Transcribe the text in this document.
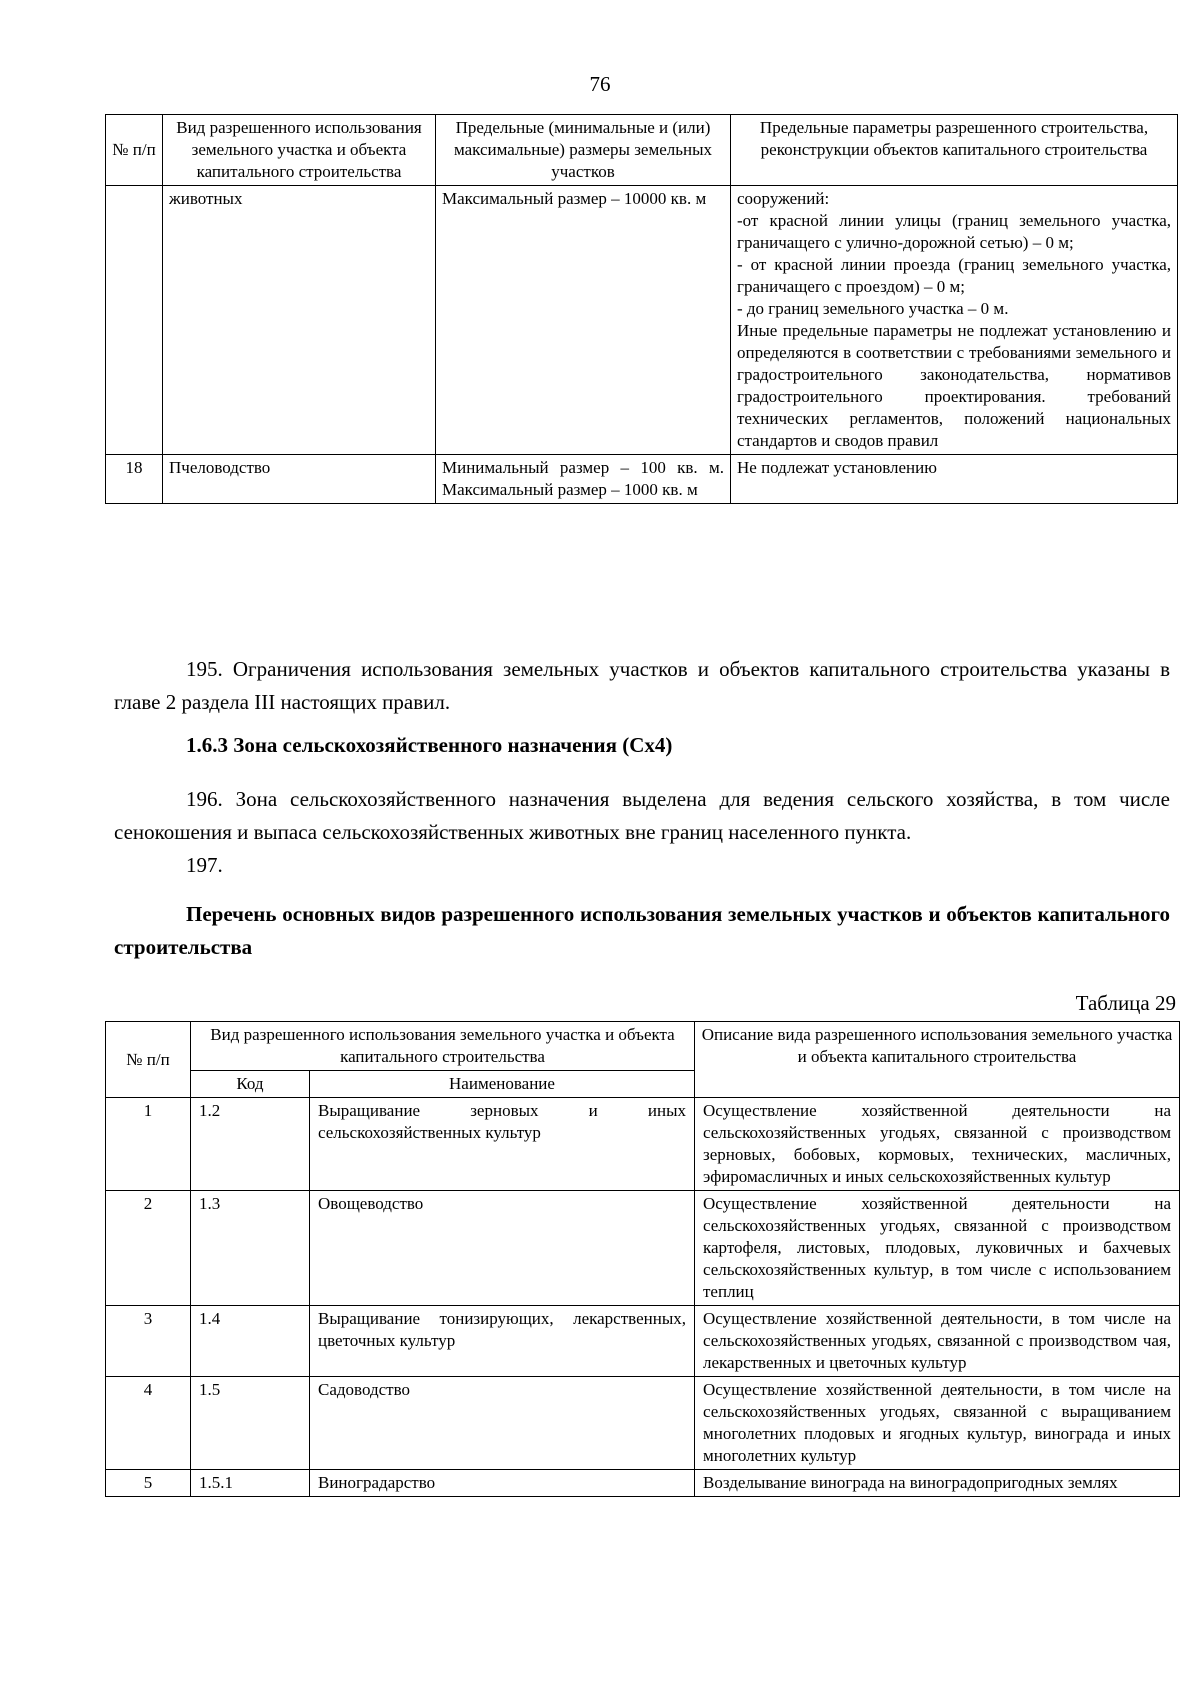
76
№ п/п	Вид разрешенного использования земельного участка и объекта капитального строительства	Предельные (минимальные и (или) максимальные) размеры земельных участков	Предельные параметры разрешенного строительства, реконструкции объектов капитального строительства
	животных	Максимальный размер – 10000 кв. м	сооружений:
-от красной линии улицы (границ земельного участка, граничащего с улично-дорожной сетью) – 0 м;
- от красной линии проезда (границ земельного участка, граничащего с проездом) – 0 м;
- до границ земельного участка – 0 м.
Иные предельные параметры не подлежат установлению и определяются в соответствии с требованиями земельного и градостроительного законодательства, нормативов градостроительного проектирования. требований технических регламентов, положений национальных стандартов и сводов правил
18	Пчеловодство	Минимальный размер – 100 кв. м. Максимальный размер – 1000 кв. м	Не подлежат установлению
195. Ограничения использования земельных участков и объектов капитального строительства указаны в главе 2 раздела III настоящих правил.
1.6.3 Зона сельскохозяйственного назначения (Сх4)
196. Зона сельскохозяйственного назначения выделена для ведения сельского хозяйства, в том числе сенокошения и выпаса сельскохозяйственных животных вне границ населенного пункта.
197.
Перечень основных видов разрешенного использования земельных участков и объектов капитального строительства
Таблица 29
№ п/п	Вид разрешенного использования земельного участка и объекта капитального строительства		Описание вида разрешенного использования земельного участка и объекта капитального строительства
	Код	Наименование	
1	1.2	Выращивание зерновых и иных сельскохозяйственных культур	Осуществление хозяйственной деятельности на сельскохозяйственных угодьях, связанной с производством зерновых, бобовых, кормовых, технических, масличных, эфиромасличных и иных сельскохозяйственных культур
2	1.3	Овощеводство	Осуществление хозяйственной деятельности на сельскохозяйственных угодьях, связанной с производством картофеля, листовых, плодовых, луковичных и бахчевых сельскохозяйственных культур, в том числе с использованием теплиц
3	1.4	Выращивание тонизирующих, лекарственных, цветочных культур	Осуществление хозяйственной деятельности, в том числе на сельскохозяйственных угодьях, связанной с производством чая, лекарственных и цветочных культур
4	1.5	Садоводство	Осуществление хозяйственной деятельности, в том числе на сельскохозяйственных угодьях, связанной с выращиванием многолетних плодовых и ягодных культур, винограда и иных многолетних культур
5	1.5.1	Виноградарство	Возделывание винограда на виноградопригодных землях
